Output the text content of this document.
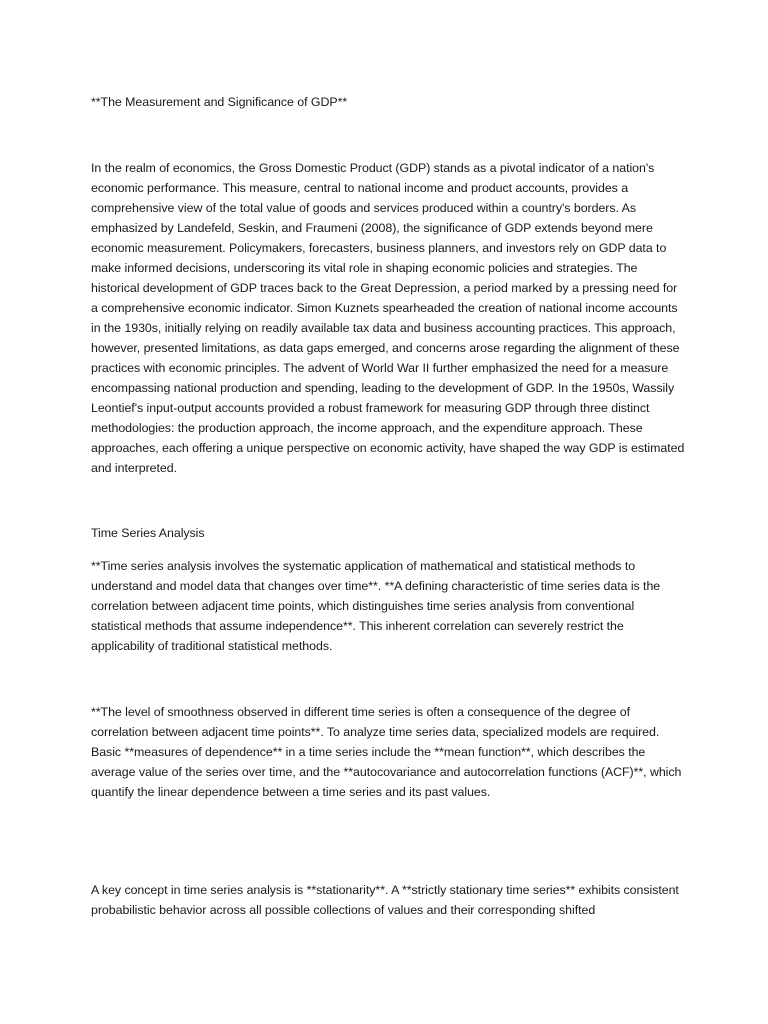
**The Measurement and Significance of GDP**

In the realm of economics, the Gross Domestic Product (GDP) stands as a pivotal indicator of a nation's economic performance. This measure, central to national income and product accounts, provides a comprehensive view of the total value of goods and services produced within a country's borders. As emphasized by Landefeld, Seskin, and Fraumeni (2008), the significance of GDP extends beyond mere economic measurement. Policymakers, forecasters, business planners, and investors rely on GDP data to make informed decisions, underscoring its vital role in shaping economic policies and strategies. The historical development of GDP traces back to the Great Depression, a period marked by a pressing need for a comprehensive economic indicator. Simon Kuznets spearheaded the creation of national income accounts in the 1930s, initially relying on readily available tax data and business accounting practices. This approach, however, presented limitations, as data gaps emerged, and concerns arose regarding the alignment of these practices with economic principles. The advent of World War II further emphasized the need for a measure encompassing national production and spending, leading to the development of GDP. In the 1950s, Wassily Leontief's input-output accounts provided a robust framework for measuring GDP through three distinct methodologies: the production approach, the income approach, and the expenditure approach. These approaches, each offering a unique perspective on economic activity, have shaped the way GDP is estimated and interpreted.

Time Series Analysis

**Time series analysis involves the systematic application of mathematical and statistical methods to understand and model data that changes over time**. **A defining characteristic of time series data is the correlation between adjacent time points, which distinguishes time series analysis from conventional statistical methods that assume independence**. This inherent correlation can severely restrict the applicability of traditional statistical methods.

**The level of smoothness observed in different time series is often a consequence of the degree of correlation between adjacent time points**. To analyze time series data, specialized models are required. Basic **measures of dependence** in a time series include the **mean function**, which describes the average value of the series over time, and the **autocovariance and autocorrelation functions (ACF)**, which quantify the linear dependence between a time series and its past values.

A key concept in time series analysis is **stationarity**. A **strictly stationary time series** exhibits consistent probabilistic behavior across all possible collections of values and their corresponding shifted
